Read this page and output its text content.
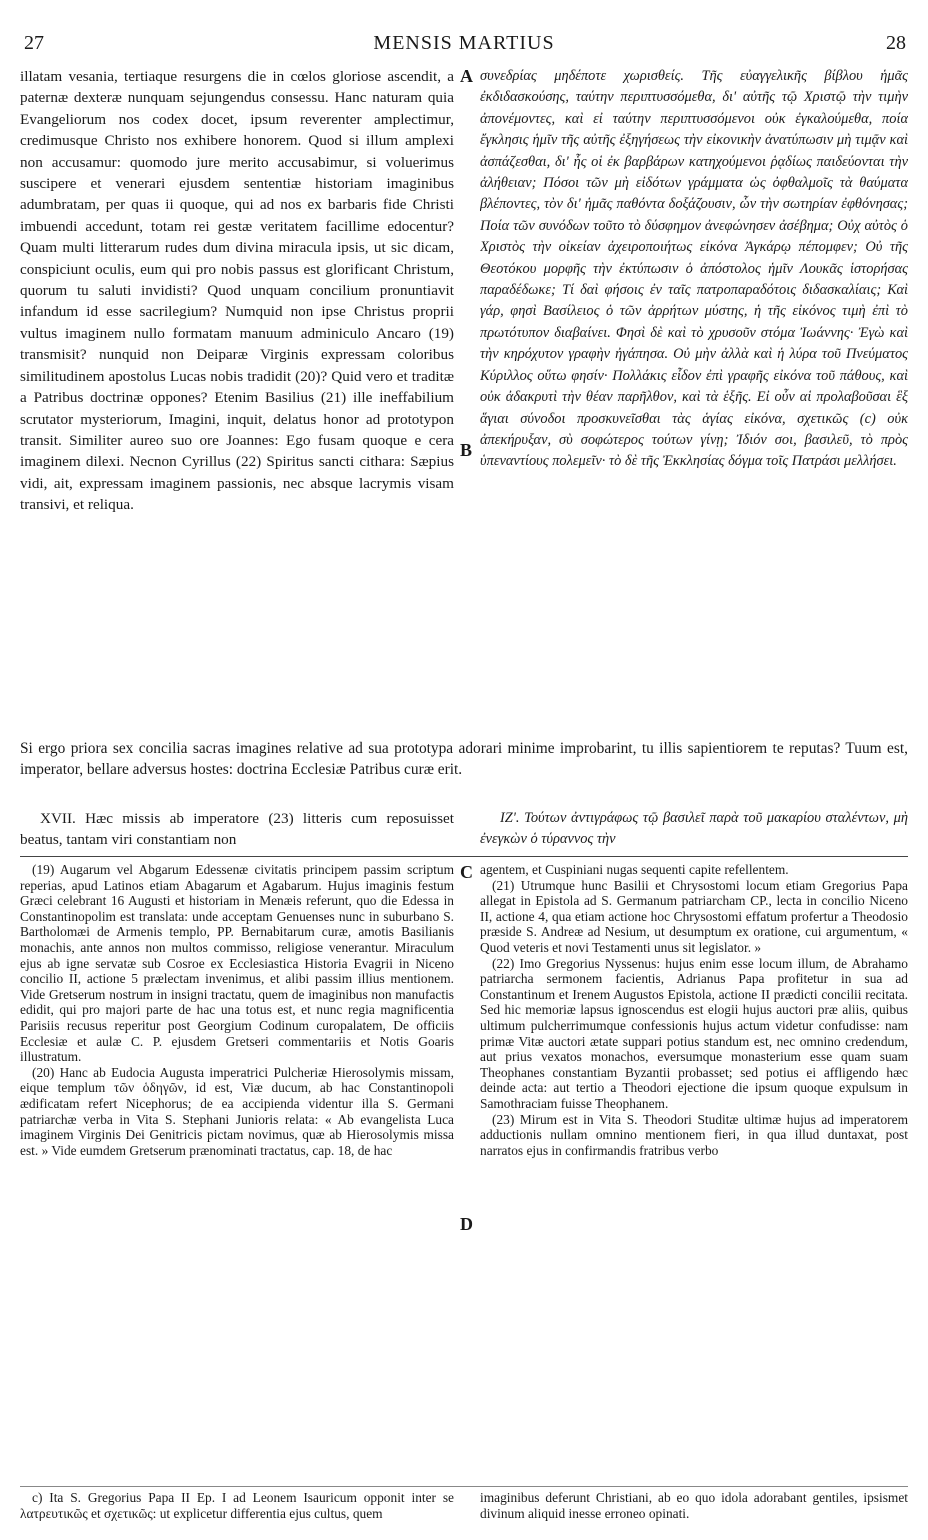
27	MENSIS MARTIUS	28
A
B
C
D

illatam vesania, tertiaque resurgens die in cœlos gloriose ascendit, a paternæ dexteræ nunquam sejungendus consessu. Hanc naturam quia Evangeliorum nos codex docet, ipsum reverenter amplectimur, credimusque Christo nos exhibere honorem. Quod si illum amplexi non accusamur: quomodo jure merito accusabimur, si voluerimus suscipere et venerari ejusdem sententiæ historiam imaginibus adumbratam, per quas ii quoque, qui ad nos ex barbaris fide Christi imbuendi accedunt, totam rei gestæ veritatem facillime edocentur? Quam multi litterarum rudes dum divina miracula ipsis, ut sic dicam, conspiciunt oculis, eum qui pro nobis passus est glorificant Christum, quorum tu saluti invidisti? Quod unquam concilium pronuntiavit infandum id esse sacrilegium? Numquid non ipse Christus proprii vultus imaginem nullo formatam manuum adminiculo Ancaro (19) transmisit? nunquid non Deiparæ Virginis expressam coloribus similitudinem apostolus Lucas nobis tradidit (20)? Quid vero et traditæ a Patribus doctrinæ oppones? Etenim Basilius (21) ille ineffabilium scrutator mysteriorum, Imagini, inquit, delatus honor ad prototypon transit. Similiter aureo suo ore Joannes: Ego fusam quoque e cera imaginem dilexi. Necnon Cyrillus (22) Spiritus sancti cithara: Sæpius vidi, ait, expressam imaginem passionis, nec absque lacrymis visam transivi, et reliqua.

συνεδρίας μηδέποτε χωρισθείς. Τῆς εὐαγγελικῆς βίβλου ἡμᾶς ἐκδιδασκούσης, ταύτην περιπτυσσόμεθα, δι' αὐτῆς τῷ Χριστῷ τὴν τιμὴν ἀπονέμοντες, καὶ εἰ ταύτην περιπτυσσόμενοι οὐκ ἐγκαλούμεθα, ποία ἔγκλησις ἡμῖν τῆς αὐτῆς ἐξηγήσεως τὴν εἰκονικὴν ἀνατύπωσιν μὴ τιμᾷν καὶ ἀσπάζεσθαι, δι' ἧς οἱ ἐκ βαρβάρων κατηχούμενοι ῥᾳδίως παιδεύονται τὴν ἀλήθειαν; Πόσοι τῶν μὴ εἰδότων γράμματα ὡς ὀφθαλμοῖς τὰ θαύματα βλέποντες, τὸν δι' ἡμᾶς παθόντα δοξάζουσιν, ὧν τὴν σωτηρίαν ἐφθόνησας; Ποία τῶν συνόδων τοῦτο τὸ δύσφημον ἀνεφώνησεν ἀσέβημα; Οὐχ αὐτὸς ὁ Χριστὸς τὴν οἰκείαν ἀχειροποιήτως εἰκόνα Ἀγκάρῳ πέπομφεν; Οὐ τῆς Θεοτόκου μορφῆς τὴν ἐκτύπωσιν ὁ ἀπόστολος ἡμῖν Λουκᾶς ἱστορήσας παραδέδωκε; Τί δαὶ φήσοις ἐν ταῖς πατροπαραδότοις διδασκαλίαις; Καὶ γάρ, φησὶ Βασίλειος ὁ τῶν ἀρρήτων μύστης, ἡ τῆς εἰκόνος τιμὴ ἐπὶ τὸ πρωτότυπον διαβαίνει. Φησὶ δὲ καὶ τὸ χρυσοῦν στόμα Ἰωάννης· Ἐγὼ καὶ τὴν κηρόχυτον γραφὴν ἠγάπησα. Οὐ μὴν ἀλλὰ καὶ ἡ λύρα τοῦ Πνεύματος Κύριλλος οὕτω φησίν· Πολλάκις εἶδον ἐπὶ γραφῆς εἰκόνα τοῦ πάθους, καὶ οὐκ ἀδακρυτὶ τὴν θέαν παρῆλθον, καὶ τὰ ἑξῆς. Εἰ οὖν αἱ προλαβοῦσαι ἓξ ἅγιαι σύνοδοι προσκυνεῖσθαι τὰς ἁγίας εἰκόνα, σχετικῶς (c) οὐκ ἀπεκήρυξαν, σὺ σοφώτερος τούτων γίνῃ; Ἰδιόν σοι, βασιλεῦ, τὸ πρὸς ὑπεναντίους πολεμεῖν· τὸ δὲ τῆς Ἐκκλησίας δόγμα τοῖς Πατράσι μελλήσει.

Si ergo priora sex concilia sacras imagines relative ad sua prototypa adorari minime improbarint, tu illis sapientiorem te reputas? Tuum est, imperator, bellare adversus hostes: doctrina Ecclesiæ Patribus curæ erit.

XVII. Hæc missis ab imperatore (23) litteris cum reposuisset beatus, tantam viri constantiam non

ΙΖʹ. Τούτων ἀντιγράφως τῷ βασιλεῖ παρὰ τοῦ μακαρίου σταλέντων, μὴ ἐνεγκὼν ὁ τύραννος τὴν

(19) Augarum vel Abgarum Edessenæ civitatis principem passim scriptum reperias, apud Latinos etiam Abagarum et Agabarum. Hujus imaginis festum Græci celebrant 16 Augusti et historiam in Menæis referunt, quo die Edessa in Constantinopolim est translata: unde acceptam Genuenses nunc in suburbano S. Bartholomæi de Armenis templo, PP. Bernabitarum curæ, amotis Basilianis monachis, ante annos non multos commisso, religiose venerantur. Miraculum ejus ab igne servatæ sub Cosroe ex Ecclesiastica Historia Evagrii in Niceno concilio II, actione 5 prælectam invenimus, et alibi passim illius mentionem. Vide Gretserum nostrum in insigni tractatu, quem de imaginibus non manufactis edidit, qui pro majori parte de hac una totus est, et nunc regia magnificentia Parisiis recusus reperitur post Georgium Codinum curopalatem, De officiis Ecclesiæ et aulæ C. P. ejusdem Gretseri commentariis et Notis Goaris illustratum.

(20) Hanc ab Eudocia Augusta imperatrici Pulcheriæ Hierosolymis missam, eique templum τῶν ὁδηγῶν, id est, Viæ ducum, ab hac Constantinopoli ædificatam refert Nicephorus; de ea accipienda videntur illa S. Germani patriarchæ verba in Vita S. Stephani Junioris relata: « Ab evangelista Luca imaginem Virginis Dei Genitricis pictam novimus, quæ ab Hierosolymis missa est. » Vide eumdem Gretserum prænominati tractatus, cap. 18, de hac

agentem, et Cuspiniani nugas sequenti capite refellentem.

(21) Utrumque hunc Basilii et Chrysostomi locum etiam Gregorius Papa allegat in Epistola ad S. Germanum patriarcham CP., lecta in concilio Niceno II, actione 4, qua etiam actione hoc Chrysostomi effatum profertur a Theodosio præside S. Andreæ ad Nesium, ut desumptum ex oratione, cui argumentum, « Quod veteris et novi Testamenti unus sit legislator. »

(22) Imo Gregorius Nyssenus: hujus enim esse locum illum, de Abrahamo patriarcha sermonem facientis, Adrianus Papa profitetur in sua ad Constantinum et Irenem Augustos Epistola, actione II prædicti concilii recitata. Sed hic memoriæ lapsus ignoscendus est elogii hujus auctori præ aliis, quibus ultimum pulcherrimumque confessionis hujus actum videtur confudisse: nam primæ Vitæ auctori ætate suppari potius standum est, nec omnino credendum, aut prius vexatos monachos, eversumque monasterium esse quam suam Theophanes constantiam Byzantii probasset; sed potius ei affligendo hæc deinde acta: aut tertio a Theodori ejectione die ipsum quoque expulsum in Samothraciam fuisse Theophanem.

(23) Mirum est in Vita S. Theodori Studitæ ultimæ hujus ad imperatorem adductionis nullam omnino mentionem fieri, in qua illud duntaxat, post narratos ejus in confirmandis fratribus verbo

c) Ita S. Gregorius Papa II Ep. I ad Leonem Isauricum opponit inter se λατρευτικῶς et σχετικῶς: ut explicetur differentia ejus cultus, quem

imaginibus deferunt Christiani, ab eo quo idola adorabant gentiles, ipsismet divinum aliquid inesse erroneo opinati.
